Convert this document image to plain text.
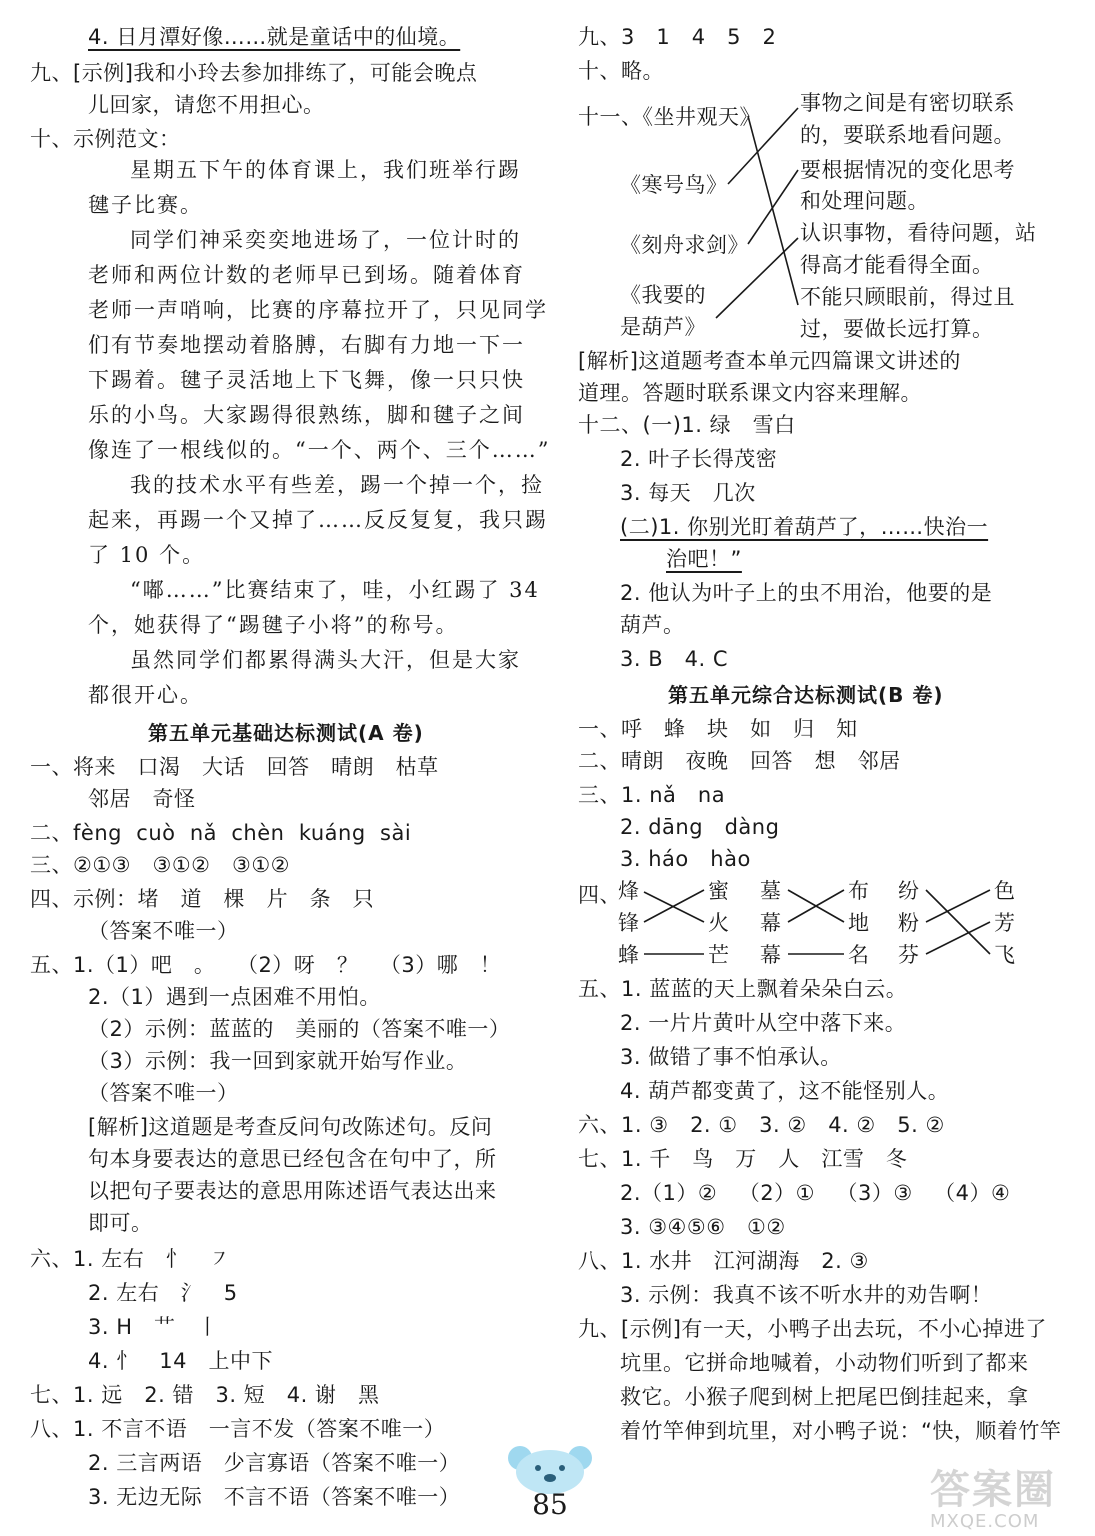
4. 日月潭好像……就是童话中的仙境。
九、[示例]我和小玲去参加排练了，可能会晚点
儿回家，请您不用担心。
十、示例范文：
星期五下午的体育课上，我们班举行踢
毽子比赛。
同学们神采奕奕地进场了，一位计时的
老师和两位计数的老师早已到场。随着体育
老师一声哨响，比赛的序幕拉开了，只见同学
们有节奏地摆动着胳膊，右脚有力地一下一
下踢着。毽子灵活地上下飞舞，像一只只快
乐的小鸟。大家踢得很熟练，脚和毽子之间
像连了一根线似的。“一个、两个、三个……”
我的技术水平有些差，踢一个掉一个，捡
起来，再踢一个又掉了……反反复复，我只踢
了 10 个。
“嘟……”比赛结束了，哇，小红踢了 34
个，她获得了“踢毽子小将”的称号。
虽然同学们都累得满头大汗，但是大家
都很开心。
第五单元基础达标测试(A 卷)
一、将来   口渴   大话   回答   晴朗   枯草
邻居   奇怪
二、fèng  cuò  nǎ  chèn  kuáng  sài
三、②①③   ③①②   ③①②
四、示例：堵   道   棵   片   条   只
（答案不唯一）
五、1.（1）吧   。   （2）呀   ？   （3）哪   ！
2.（1）遇到一点困难不用怕。
（2）示例：蓝蓝的   美丽的（答案不唯一）
（3）示例：我一回到家就开始写作业。
（答案不唯一）
[解析]这道题是考查反问句改陈述句。反问
句本身要表达的意思已经包含在句中了，所
以把句子要表达的意思用陈述语气表达出来
即可。
六、1. 左右   ⺖   ㇇
2. 左右   氵   5
3. H   艹   丨
4. 忄   14   上中下
七、1. 远   2. 错   3. 短   4. 谢   黑
八、1. 不言不语   一言不发（答案不唯一）
2. 三言两语   少言寡语（答案不唯一）
3. 无边无际   不言不语（答案不唯一）
九、3   1   4   5   2
十、略。
十一、《坐井观天》
《寒号鸟》
《刻舟求剑》
《我要的
是葫芦》
事物之间是有密切联系
的，要联系地看问题。
要根据情况的变化思考
和处理问题。
认识事物，看待问题，站
得高才能看得全面。
不能只顾眼前，得过且
过，要做长远打算。
[解析]这道题考查本单元四篇课文讲述的
道理。答题时联系课文内容来理解。
十二、(一)1. 绿   雪白
2. 叶子长得茂密
3. 每天   几次
(二)1. 你别光盯着葫芦了，……快治一
治吧！”
2. 他认为叶子上的虫不用治，他要的是
葫芦。
3. B   4. C
第五单元综合达标测试(B 卷)
一、呼   蜂   块   如   归   知
二、晴朗   夜晚   回答   想   邻居
三、1. nǎ   na
2. dāng   dàng
3. háo   hào
四、
烽
锋
蜂
蜜
火
芒
墓
幕
幕
布
地
名
纷
粉
芬
色
芳
飞
五、1. 蓝蓝的天上飘着朵朵白云。
2. 一片片黄叶从空中落下来。
3. 做错了事不怕承认。
4. 葫芦都变黄了，这不能怪别人。
六、1. ③   2. ①   3. ②   4. ②   5. ②
七、1. 千   鸟   万   人   江雪   冬
2.（1）②   （2）①   （3）③   （4）④
3. ③④⑤⑥   ①②
八、1. 水井   江河湖海   2. ③
3. 示例：我真不该不听水井的劝告啊！
九、[示例]有一天，小鸭子出去玩，不小心掉进了
坑里。它拼命地喊着，小动物们听到了都来
救它。小猴子爬到树上把尾巴倒挂起来，拿
着竹竿伸到坑里，对小鸭子说：“快，顺着竹竿
85	答案圈
MXQE.COM
